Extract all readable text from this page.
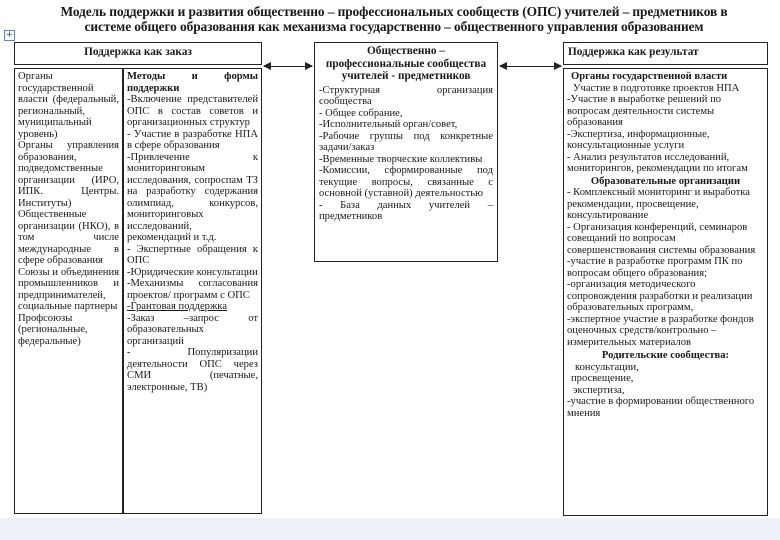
Модель поддержки и развития общественно – профессиональных сообществ (ОПС) учителей – предметников в
системе общего образования как механизма государственно – общественного управления образованием
+
Поддержка как заказ	Общественно – профессиональные сообщества учителей - предметников
-Структурная организация сообщества
- Общее собрание,
-Исполнительный орган/совет,
-Рабочие группы под конкретные задачи/заказ
-Временные творческие коллективы
-Комиссии, сформированные под текущие вопросы, связанные с основной (уставной) деятельностью
- База данных учителей – предметников
Поддержка как результат

Органы государственной власти (федеральный, региональный, муниципальный уровень)

Органы управления образования, подведомственные организации (ИРО, ИПК. Центры. Институты)

Общественные организации (НКО), в том числе международные в сфере образования

Союзы и объединения промышленников и предпринимателей, социальные партнеры

Профсоюзы (региональные, федеральные)

Методы и формы поддержки

-Включение представителей ОПС в состав советов и организационных структур

- Участие в разработке НПА в сфере образования

-Привлечение к мониторинговым исследования, сопроспам ТЗ на разработку содержания олимпиад, конкурсов, мониторинговых исследований, рекомендаций и т.д.

- Экспертные обращения к ОПС

-Юридические консультации

-Механизмы согласования проектов/ программ с ОПС

-Грантовая поддержка

-Заказ –запрос от образовательных организаций

- Популяризации деятельности ОПС через СМИ (печатные, электронные, ТВ)

Органы государственной власти

Участие в подготовке проектов НПА

-Участие в выработке решений по вопросам деятельности системы образования

-Экспертиза, информационные, консультационные услуги

- Анализ результатов исследований, мониторингов, рекомендации по итогам

Образовательные организации

- Комплексный мониторинг и выработка рекомендации, просвещение, консультирование

- Организация конференций, семинаров совещаний по вопросам совершенствования системы образования

-участие в разработке программ ПК по вопросам общего образования;

-организация методического сопровождения разработки и реализации образовательных программ,

-экспертное участие в разработке фондов оценочных средств/контрольно – измерительных материалов

Родительские сообщества:

консультации,

просвещение,

экспертиза,

-участие в формировании общественного мнения
